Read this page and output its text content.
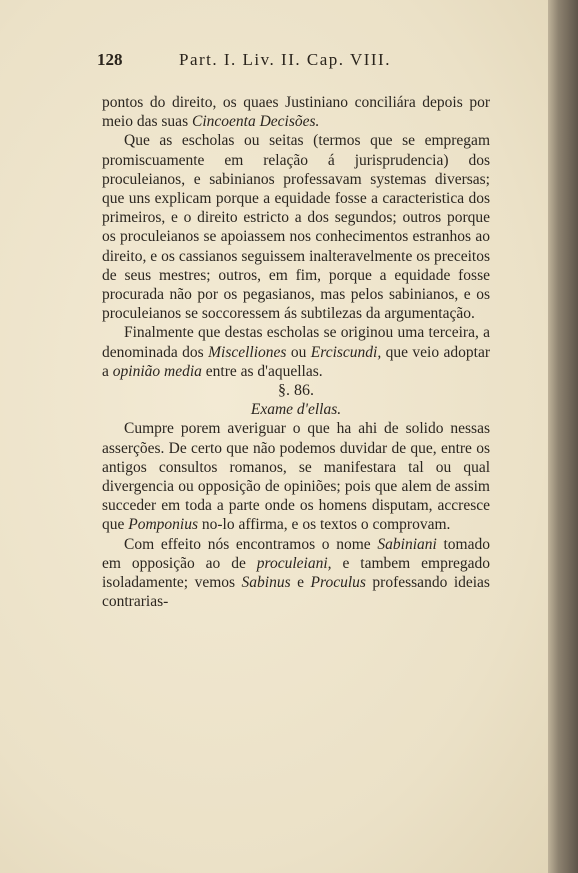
128	Part. I. Liv. II. Cap. VIII.

pontos do direito, os quaes Justiniano conciliára depois por meio das suas Cincoenta Decisões.

Que as escholas ou seitas (termos que se empregam promiscuamente em relação á jurisprudencia) dos proculeianos, e sabinianos professavam systemas diversas; que uns explicam porque a equidade fosse a caracteristica dos primeiros, e o direito estricto a dos segundos; outros porque os proculeianos se apoiassem nos conhecimentos estranhos ao direito, e os cassianos seguissem inalteravelmente os preceitos de seus mestres; outros, em fim, porque a equidade fosse procurada não por os pegasianos, mas pelos sabinianos, e os proculeianos se soccoressem ás subtilezas da argumentação.

Finalmente que destas escholas se originou uma terceira, a denominada dos Miscelliones ou Erciscundi, que veio adoptar a opinião media entre as d'aquellas.

§. 86.

Exame d'ellas.

Cumpre porem averiguar o que ha ahi de solido nessas asserções. De certo que não podemos duvidar de que, entre os antigos consultos romanos, se manifestara tal ou qual divergencia ou opposição de opiniões; pois que alem de assim succeder em toda a parte onde os homens disputam, accresce que Pomponius no-lo affirma, e os textos o comprovam.

Com effeito nós encontramos o nome Sabiniani tomado em opposição ao de proculeiani, e tambem empregado isoladamente; vemos Sabinus e Proculus professando ideias contrarias-
